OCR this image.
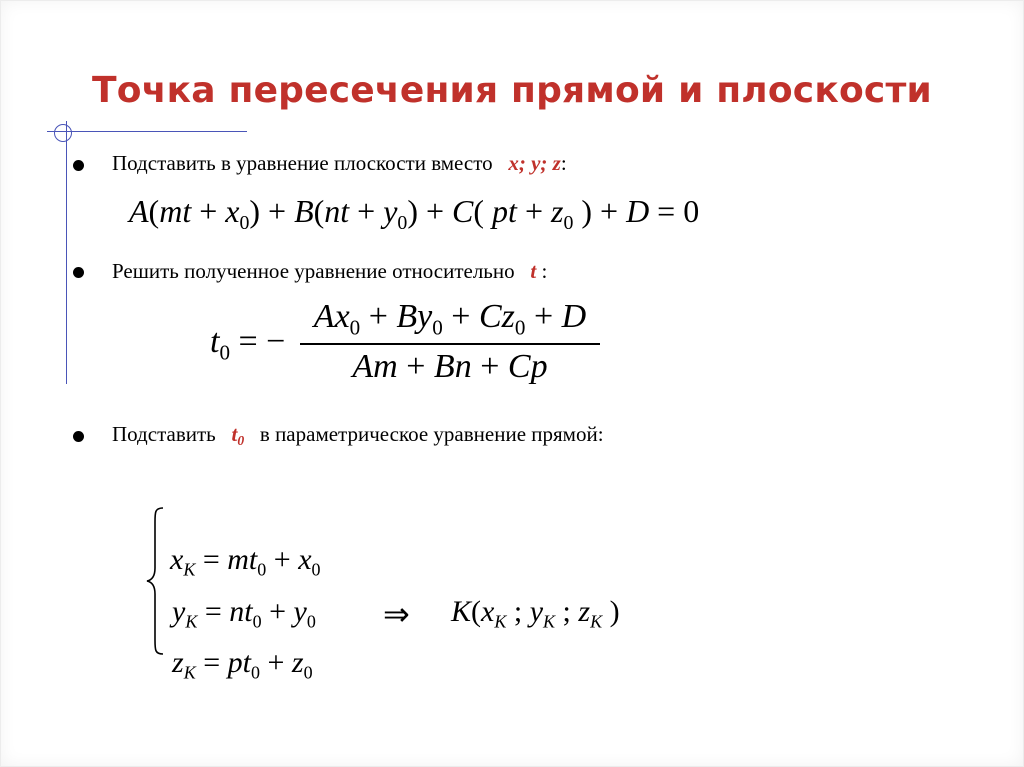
Точка пересечения прямой и плоскости

Подставить в уравнение плоскости вместо x; y; z:

$A(mt + x_0) + B(nt + y_0) + C$( pt + $z_0$ ) + D = 0

Решить полученное уравнение относительно t :

$t_0$ = −

$Ax_0 + By_0 + Cz_0 + D$
Am + Bn + Cp

Подставить $t_0$ в параметрическое уравнение прямой:

$x_K = mt_0 + x_0$

$y_K = nt_0 + y_0$

$z_K = pt_0 + z_0$

⇒ $K(x_K$ ; $y_K$ ; $z_K$ )
